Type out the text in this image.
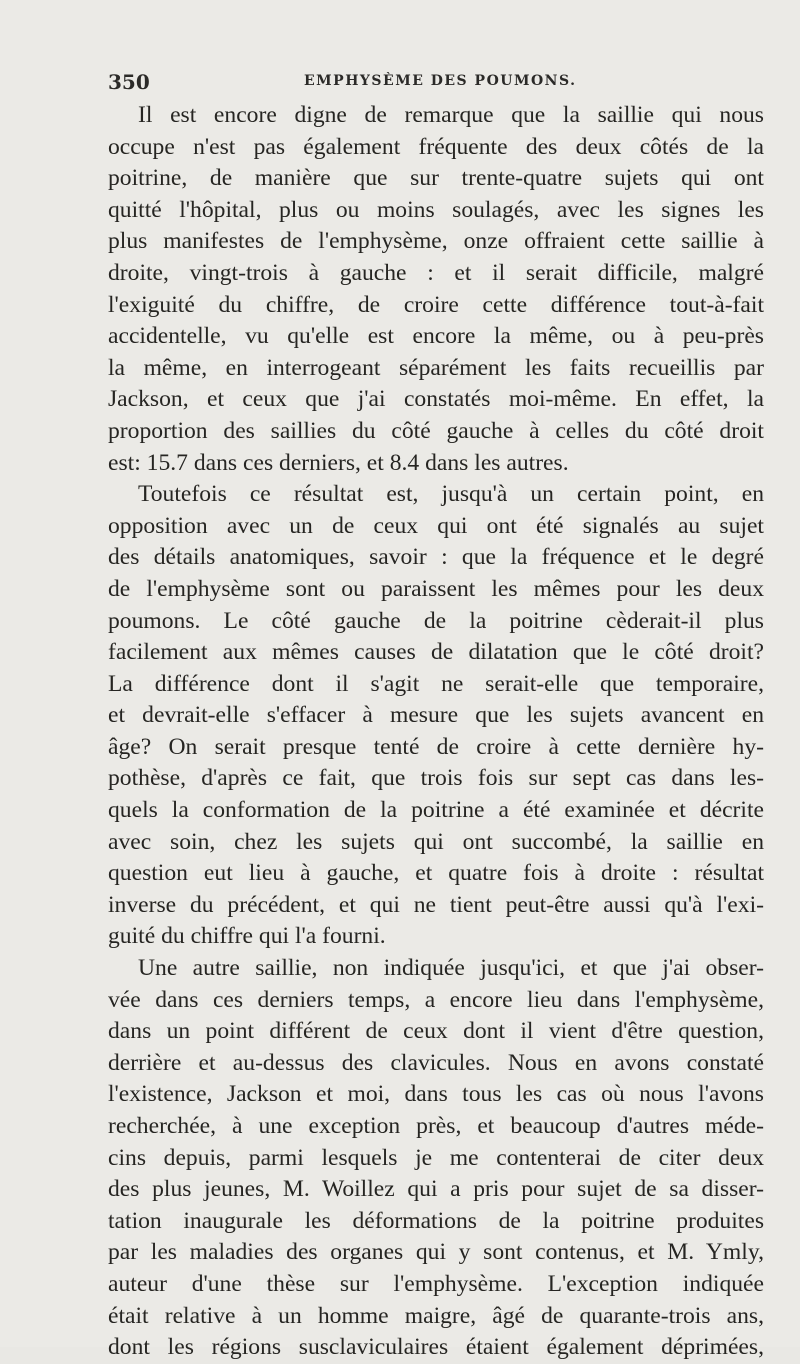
350	EMPHYSÈME DES POUMONS.
Il est encore digne de remarque que la saillie qui nous
occupe n'est pas également fréquente des deux côtés de la
poitrine, de manière que sur trente-quatre sujets qui ont
quitté l'hôpital, plus ou moins soulagés, avec les signes les
plus manifestes de l'emphysème, onze offraient cette saillie à
droite, vingt-trois à gauche : et il serait difficile, malgré
l'exiguité du chiffre, de croire cette différence tout-à-fait
accidentelle, vu qu'elle est encore la même, ou à peu-près
la même, en interrogeant séparément les faits recueillis par
Jackson, et ceux que j'ai constatés moi-même. En effet, la
proportion des saillies du côté gauche à celles du côté droit
est: 15.7 dans ces derniers, et 8.4 dans les autres.
Toutefois ce résultat est, jusqu'à un certain point, en
opposition avec un de ceux qui ont été signalés au sujet
des détails anatomiques, savoir : que la fréquence et le degré
de l'emphysème sont ou paraissent les mêmes pour les deux
poumons. Le côté gauche de la poitrine cèderait-il plus
facilement aux mêmes causes de dilatation que le côté droit?
La différence dont il s'agit ne serait-elle que temporaire,
et devrait-elle s'effacer à mesure que les sujets avancent en
âge? On serait presque tenté de croire à cette dernière hy-
pothèse, d'après ce fait, que trois fois sur sept cas dans les-
quels la conformation de la poitrine a été examinée et décrite
avec soin, chez les sujets qui ont succombé, la saillie en
question eut lieu à gauche, et quatre fois à droite : résultat
inverse du précédent, et qui ne tient peut-être aussi qu'à l'exi-
guité du chiffre qui l'a fourni.
Une autre saillie, non indiquée jusqu'ici, et que j'ai obser-
vée dans ces derniers temps, a encore lieu dans l'emphysème,
dans un point différent de ceux dont il vient d'être question,
derrière et au-dessus des clavicules. Nous en avons constaté
l'existence, Jackson et moi, dans tous les cas où nous l'avons
recherchée, à une exception près, et beaucoup d'autres méde-
cins depuis, parmi lesquels je me contenterai de citer deux
des plus jeunes, M. Woillez qui a pris pour sujet de sa disser-
tation inaugurale les déformations de la poitrine produites
par les maladies des organes qui y sont contenus, et M. Ymly,
auteur d'une thèse sur l'emphysème. L'exception indiquée
était relative à un homme maigre, âgé de quarante-trois ans,
dont les régions susclaviculaires étaient également déprimées,
